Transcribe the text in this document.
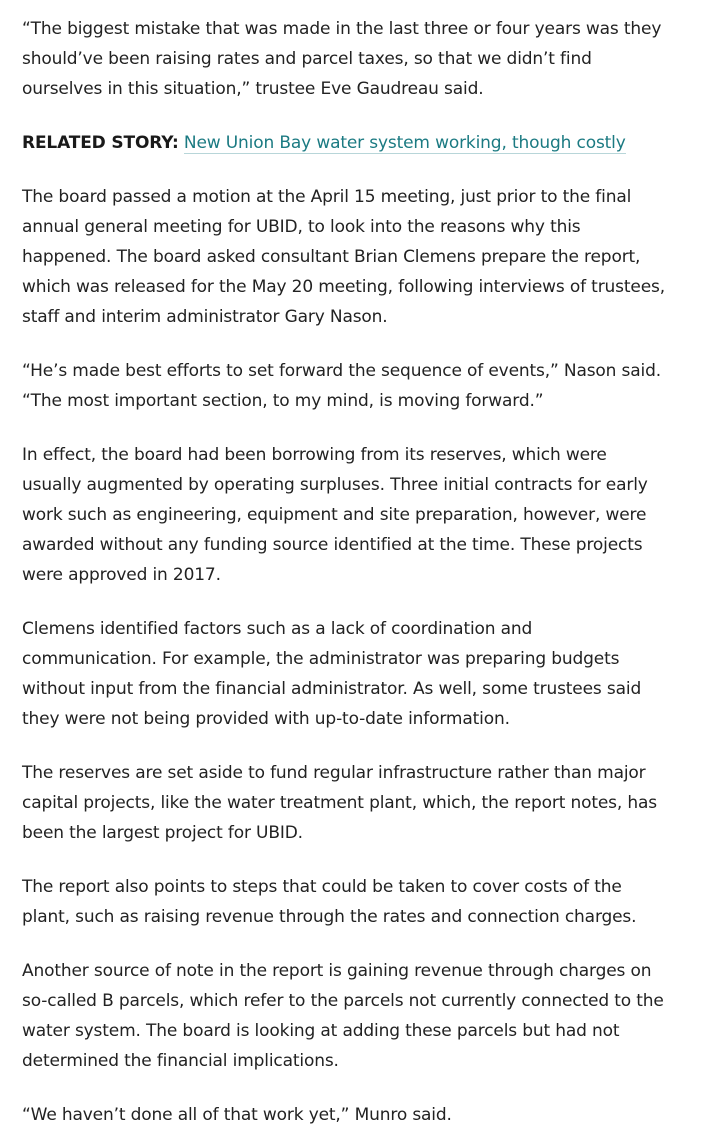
“The biggest mistake that was made in the last three or four years was they should’ve been raising rates and parcel taxes, so that we didn’t find ourselves in this situation,” trustee Eve Gaudreau said.

RELATED STORY: New Union Bay water system working, though costly

The board passed a motion at the April 15 meeting, just prior to the final annual general meeting for UBID, to look into the reasons why this happened. The board asked consultant Brian Clemens prepare the report, which was released for the May 20 meeting, following interviews of trustees, staff and interim administrator Gary Nason.

“He’s made best efforts to set forward the sequence of events,” Nason said. “The most important section, to my mind, is moving forward.”

In effect, the board had been borrowing from its reserves, which were usually augmented by operating surpluses. Three initial contracts for early work such as engineering, equipment and site preparation, however, were awarded without any funding source identified at the time. These projects were approved in 2017.

Clemens identified factors such as a lack of coordination and communication. For example, the administrator was preparing budgets without input from the financial administrator. As well, some trustees said they were not being provided with up-to-date information.

The reserves are set aside to fund regular infrastructure rather than major capital projects, like the water treatment plant, which, the report notes, has been the largest project for UBID.

The report also points to steps that could be taken to cover costs of the plant, such as raising revenue through the rates and connection charges.

Another source of note in the report is gaining revenue through charges on so-called B parcels, which refer to the parcels not currently connected to the water system. The board is looking at adding these parcels but had not determined the financial implications.

“We haven’t done all of that work yet,” Munro said.
